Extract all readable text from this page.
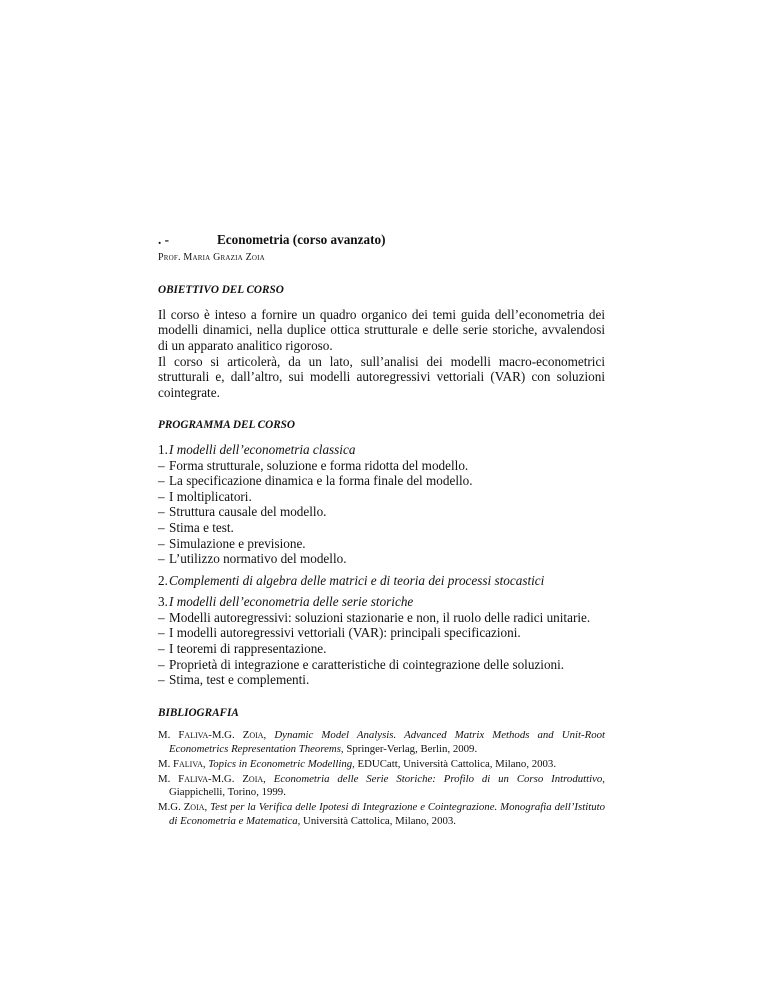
. -	Econometria (corso avanzato)
Prof. Maria Grazia Zoia
OBIETTIVO DEL CORSO

Il corso è inteso a fornire un quadro organico dei temi guida dell’econometria dei modelli dinamici, nella duplice ottica strutturale e delle serie storiche, avvalendosi di un apparato analitico rigoroso.

Il corso si articolerà, da un lato, sull’analisi dei modelli macro-econometrici strutturali e, dall’altro, sui modelli autoregressivi vettoriali (VAR) con soluzioni cointegrate.

PROGRAMMA DEL CORSO
1. I modelli dell’econometria classica
– Forma strutturale, soluzione e forma ridotta del modello.
– La specificazione dinamica e la forma finale del modello.
– I moltiplicatori.
– Struttura causale del modello.
– Stima e test.
– Simulazione e previsione.
– L’utilizzo normativo del modello.
2. Complementi di algebra delle matrici e di teoria dei processi stocastici
3. I modelli dell’econometria delle serie storiche
– Modelli autoregressivi: soluzioni stazionarie e non, il ruolo delle radici unitarie.
– I modelli autoregressivi vettoriali (VAR): principali specificazioni.
– I teoremi di rappresentazione.
– Proprietà di integrazione e caratteristiche di cointegrazione delle soluzioni.
– Stima, test e complementi.
BIBLIOGRAFIA
M. Faliva-M.G. Zoia, Dynamic Model Analysis. Advanced Matrix Methods and Unit-Root Econometrics Representation Theorems, Springer-Verlag, Berlin, 2009.
M. Faliva, Topics in Econometric Modelling, EDUCatt, Università Cattolica, Milano, 2003.
M. Faliva-M.G. Zoia, Econometria delle Serie Storiche: Profilo di un Corso Introduttivo, Giappichelli, Torino, 1999.
M.G. Zoia, Test per la Verifica delle Ipotesi di Integrazione e Cointegrazione. Monografia dell’Istituto di Econometria e Matematica, Università Cattolica, Milano, 2003.
